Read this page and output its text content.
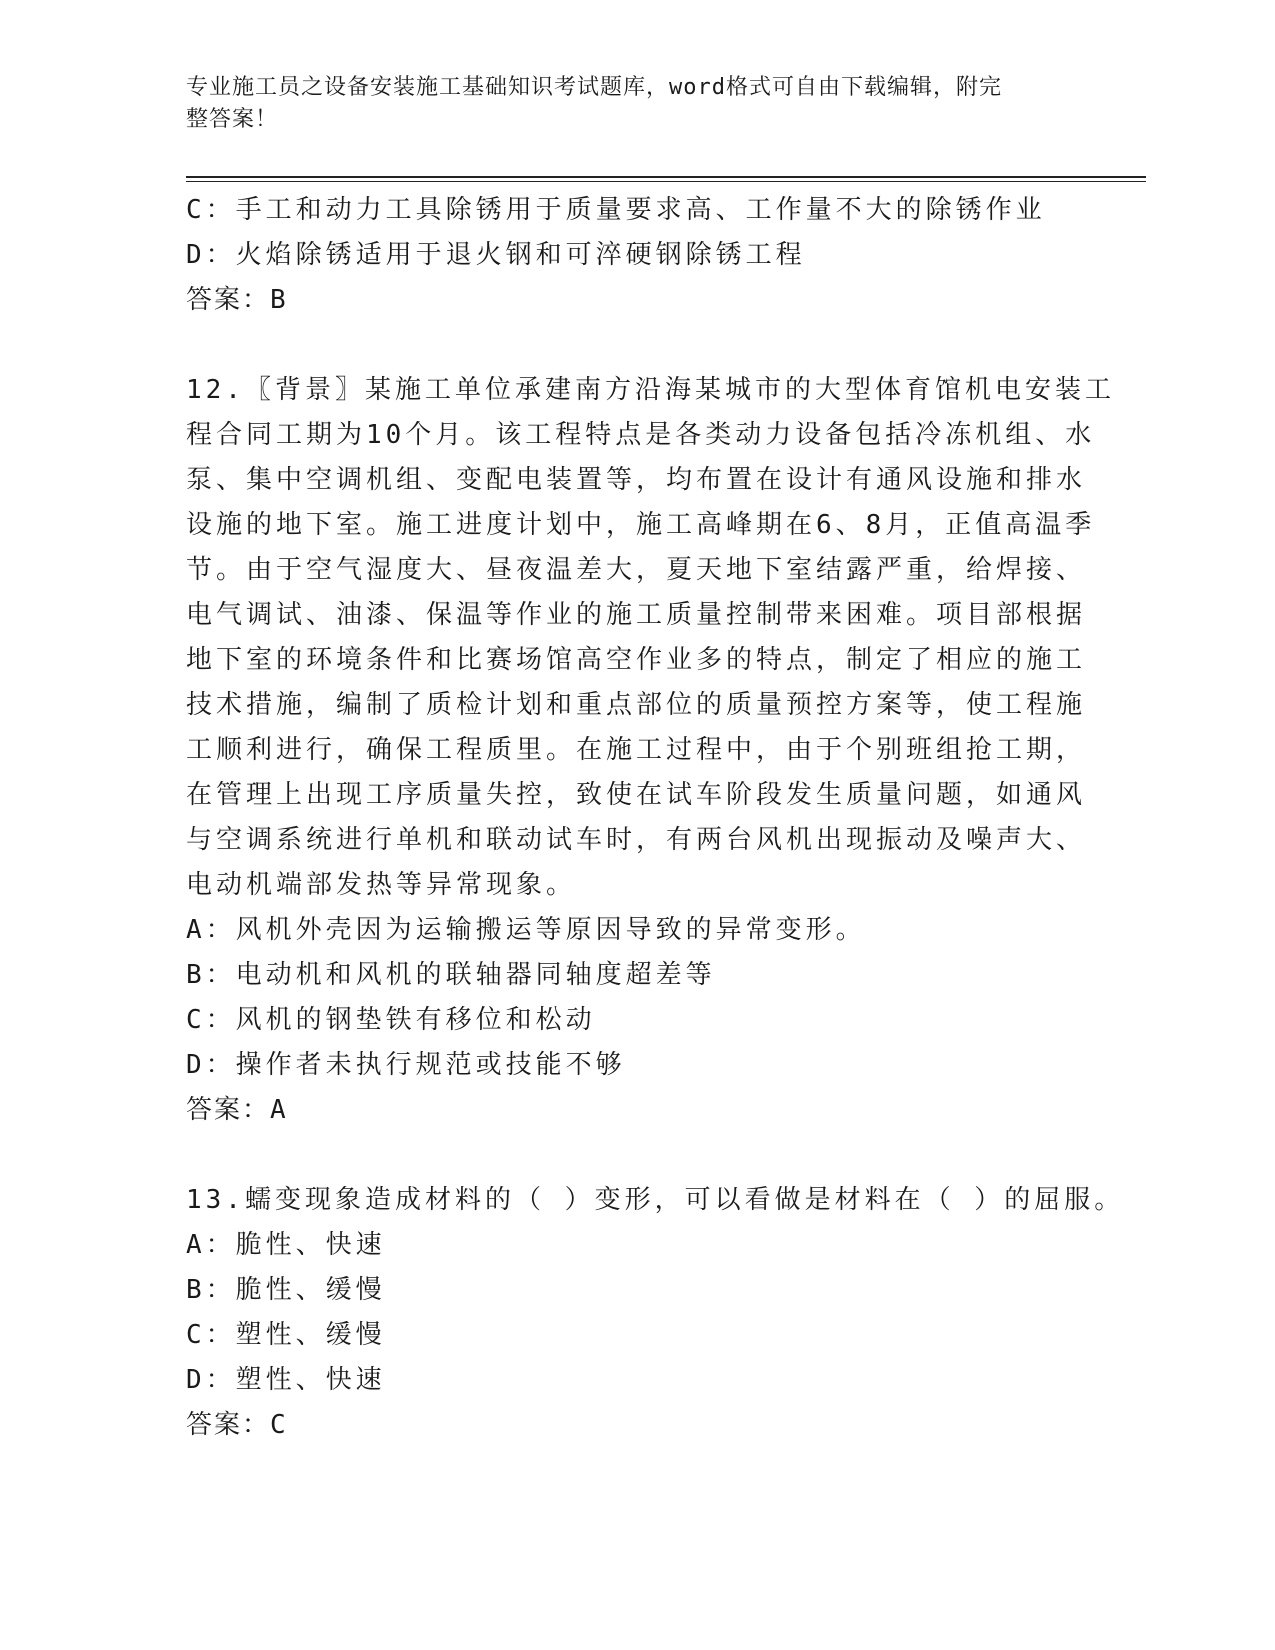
专业施工员之设备安装施工基础知识考试题库，word格式可自由下载编辑，附完
整答案！

C：手工和动力工具除锈用于质量要求高、工作量不大的除锈作业

D：火焰除锈适用于退火钢和可淬硬钢除锈工程

答案：B

12.〖背景〗某施工单位承建南方沿海某城市的大型体育馆机电安装工

程合同工期为10个月。该工程特点是各类动力设备包括冷冻机组、水

泵、集中空调机组、变配电装置等，均布置在设计有通风设施和排水

设施的地下室。施工进度计划中，施工高峰期在6、8月，正值高温季

节。由于空气湿度大、昼夜温差大，夏天地下室结露严重，给焊接、

电气调试、油漆、保温等作业的施工质量控制带来困难。项目部根据

地下室的环境条件和比赛场馆高空作业多的特点，制定了相应的施工

技术措施，编制了质检计划和重点部位的质量预控方案等，使工程施

工顺利进行，确保工程质里。在施工过程中，由于个别班组抢工期，

在管理上出现工序质量失控，致使在试车阶段发生质量问题，如通风

与空调系统进行单机和联动试车时，有两台风机出现振动及噪声大、

电动机端部发热等异常现象。

A：风机外壳因为运输搬运等原因导致的异常变形。

B：电动机和风机的联轴器同轴度超差等

C：风机的钢垫铁有移位和松动

D：操作者未执行规范或技能不够

答案：A

13.蠕变现象造成材料的（ ）变形，可以看做是材料在（ ）的屈服。

A：脆性、快速

B：脆性、缓慢

C：塑性、缓慢

D：塑性、快速

答案：C
